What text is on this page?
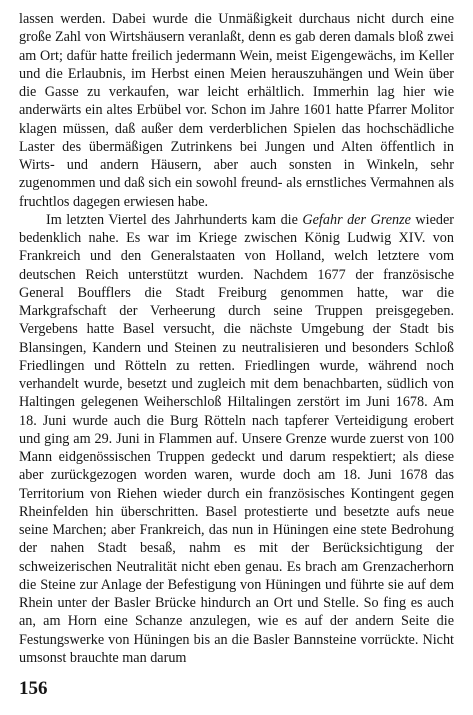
lassen werden. Dabei wurde die Unmäßigkeit durchaus nicht durch eine große Zahl von Wirtshäusern veranlaßt, denn es gab deren damals bloß zwei am Ort; dafür hatte freilich jedermann Wein, meist Eigengewächs, im Keller und die Erlaubnis, im Herbst einen Meien herauszuhängen und Wein über die Gasse zu verkaufen, war leicht erhältlich. Immerhin lag hier wie anderwärts ein altes Erbübel vor. Schon im Jahre 1601 hatte Pfarrer Molitor klagen müssen, daß außer dem verderblichen Spielen das hochschädliche Laster des übermäßigen Zutrinkens bei Jungen und Alten öffentlich in Wirts- und andern Häusern, aber auch sonsten in Winkeln, sehr zugenommen und daß sich ein sowohl freund- als ernstliches Vermahnen als fruchtlos dagegen erwiesen habe.

Im letzten Viertel des Jahrhunderts kam die Gefahr der Grenze wieder bedenklich nahe. Es war im Kriege zwischen König Ludwig XIV. von Frankreich und den Generalstaaten von Holland, welch letztere vom deutschen Reich unterstützt wurden. Nachdem 1677 der französische General Boufflers die Stadt Freiburg genommen hatte, war die Markgrafschaft der Verheerung durch seine Truppen preisgegeben. Vergebens hatte Basel versucht, die nächste Umgebung der Stadt bis Blansingen, Kandern und Steinen zu neutralisieren und besonders Schloß Friedlingen und Rötteln zu retten. Friedlingen wurde, während noch verhandelt wurde, besetzt und zugleich mit dem benachbarten, südlich von Haltingen gelegenen Weiherschloß Hiltalingen zerstört im Juni 1678. Am 18. Juni wurde auch die Burg Rötteln nach tapferer Verteidigung erobert und ging am 29. Juni in Flammen auf. Unsere Grenze wurde zuerst von 100 Mann eidgenössischen Truppen gedeckt und darum respektiert; als diese aber zurückgezogen worden waren, wurde doch am 18. Juni 1678 das Territorium von Riehen wieder durch ein französisches Kontingent gegen Rheinfelden hin überschritten. Basel protestierte und besetzte aufs neue seine Marchen; aber Frankreich, das nun in Hüningen eine stete Bedrohung der nahen Stadt besaß, nahm es mit der Berücksichtigung der schweizerischen Neutralität nicht eben genau. Es brach am Grenzacherhorn die Steine zur Anlage der Befestigung von Hüningen und führte sie auf dem Rhein unter der Basler Brücke hindurch an Ort und Stelle. So fing es auch an, am Horn eine Schanze anzulegen, wie es auf der andern Seite die Festungswerke von Hüningen bis an die Basler Bannsteine vorrückte. Nicht umsonst brauchte man darum

156
